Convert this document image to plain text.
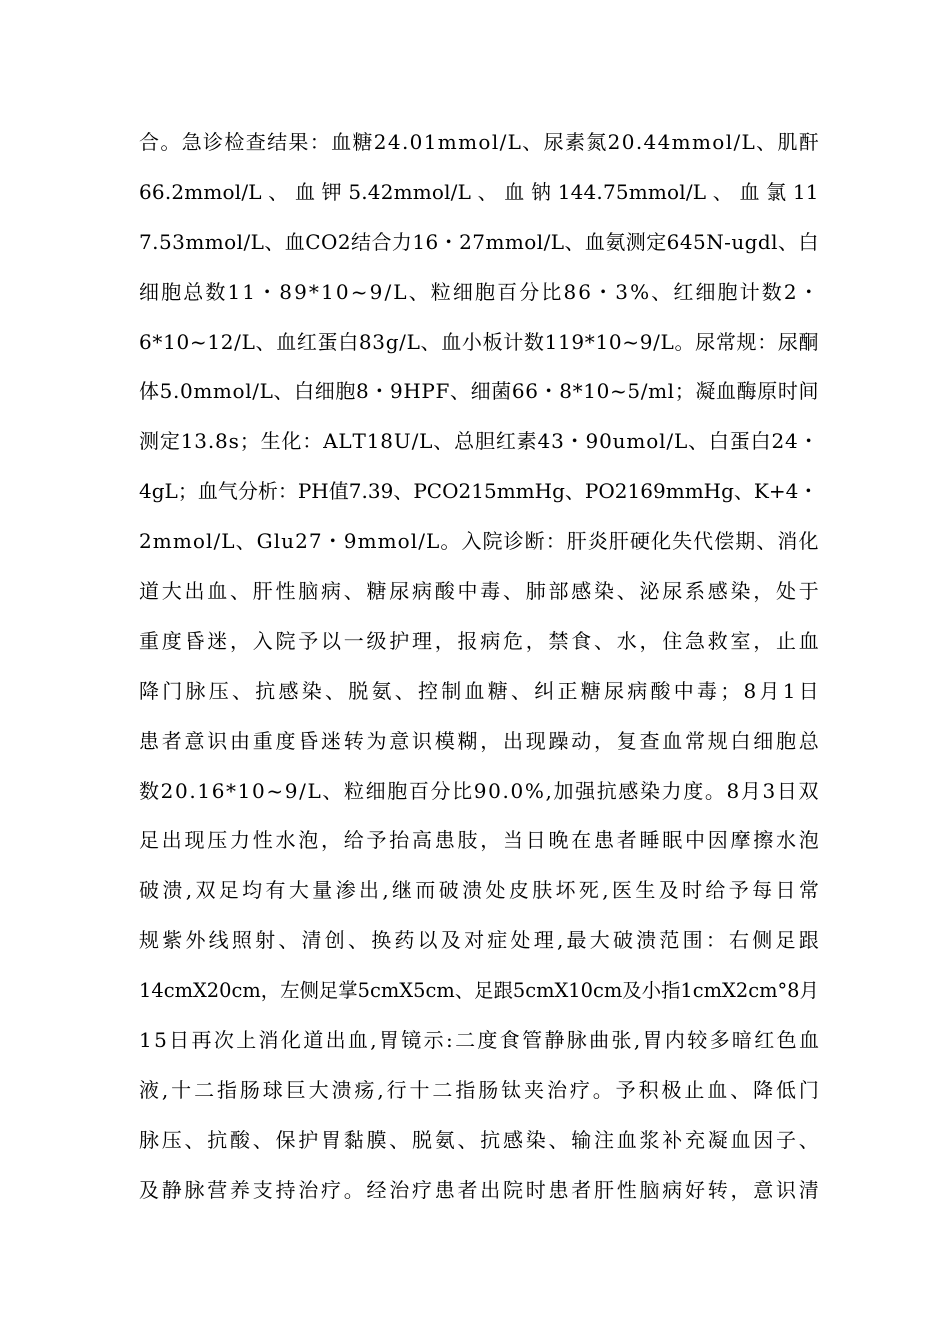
合 。 急 诊 检 查 结 果 ： 血 糖 2 4 . 0 1 m m o l / L 、 尿 素 氮 2 0 . 4 4 m m o l / L 、 肌 酐
6 6 . 2 m m o l / L
、
血
钾
5 . 4 2 m m o l / L
、
血
钠
1 4 4 . 7 5 m m o l / L
、
血
氯
1 1
7 . 5 3 m m o l / L 、 血 C O 2 结 合 力 1 6 ・ 2 7 m m o l / L 、 血 氨 测 定 6 4 5 N - u g d l 、 白
细 胞 总 数 1 1 ・ 8 9 * 1 0 ~ 9 / L 、 粒 细 胞 百 分 比 8 6 ・ 3 % 、 红 细 胞 计 数 2 ・
6 * 1 0 ~ 1 2 / L 、 血 红 蛋 白 8 3 g / L 、 血 小 板 计 数 1 1 9 * 1 0 ~ 9 / L 。 尿 常 规 ： 尿 酮
体 5 . 0 m m o l / L 、 白 细 胞 8 ・ 9 H P F 、 细 菌 6 6 ・ 8 * 1 0 ~ 5 / m l ； 凝 血 酶 原 时 间
测 定 1 3 . 8 s ； 生 化 ： A L T 1 8 U / L 、 总 胆 红 素 4 3 ・ 9 0 u m o l / L 、 白 蛋 白 2 4 ・
4 g L ； 血 气 分 析 ： P H 值 7 . 3 9 、 P C O 2 1 5 m m H g 、 P O 2 1 6 9 m m H g 、 K + 4 ・
2 m m o l / L 、 G l u 2 7 ・ 9 m m o l / L 。 入 院 诊 断 ： 肝 炎 肝 硬 化 失 代 偿 期 、 消 化
道 大 出 血 、 肝 性 脑 病 、 糖 尿 病 酸 中 毒 、 肺 部 感 染 、 泌 尿 系 感 染 ， 处 于
重 度 昏 迷 ， 入 院 予 以 一 级 护 理 ， 报 病 危 ， 禁 食 、 水 ， 住 急 救 室 ， 止 血
降 门 脉 压 、 抗 感 染 、 脱 氨 、 控 制 血 糖 、 纠 正 糖 尿 病 酸 中 毒 ； 8 月 1 日
患 者 意 识 由 重 度 昏 迷 转 为 意 识 模 糊 ， 出 现 躁 动 ， 复 查 血 常 规 白 细 胞 总
数 2 0 . 1 6 * 1 0 ~ 9 / L 、 粒 细 胞 百 分 比 9 0 . 0 % , 加 强 抗 感 染 力 度 。 8 月 3 日 双
足 出 现 压 力 性 水 泡 ， 给 予 抬 高 患 肢 ， 当 日 晚 在 患 者 睡 眠 中 因 摩 擦 水 泡
破 溃 , 双 足 均 有 大 量 渗 出 , 继 而 破 溃 处 皮 肤 坏 死 , 医 生 及 时 给 予 每 日 常
规 紫 外 线 照 射 、 清 创 、 换 药 以 及 对 症 处 理 , 最 大 破 溃 范 围 ： 右 侧 足 跟
1 4 c m X 2 0 c m ， 左 侧 足 掌 5 c m X 5 c m 、 足 跟 5 c m X 1 0 c m 及 小 指 1 c m X 2 c m ° 8 月
1 5 日 再 次 上 消 化 道 出 血 , 胃 镜 示 : 二 度 食 管 静 脉 曲 张 , 胃 内 较 多 暗 红 色 血
液 , 十 二 指 肠 球 巨 大 溃 疡 , 行 十 二 指 肠 钛 夹 治 疗 。 予 积 极 止 血 、 降 低 门
脉 压 、 抗 酸 、 保 护 胃 黏 膜 、 脱 氨 、 抗 感 染 、 输 注 血 浆 补 充 凝 血 因 子 、
及 静 脉 营 养 支 持 治 疗 。 经 治 疗 患 者 出 院 时 患 者 肝 性 脑 病 好 转 ， 意 识 清
